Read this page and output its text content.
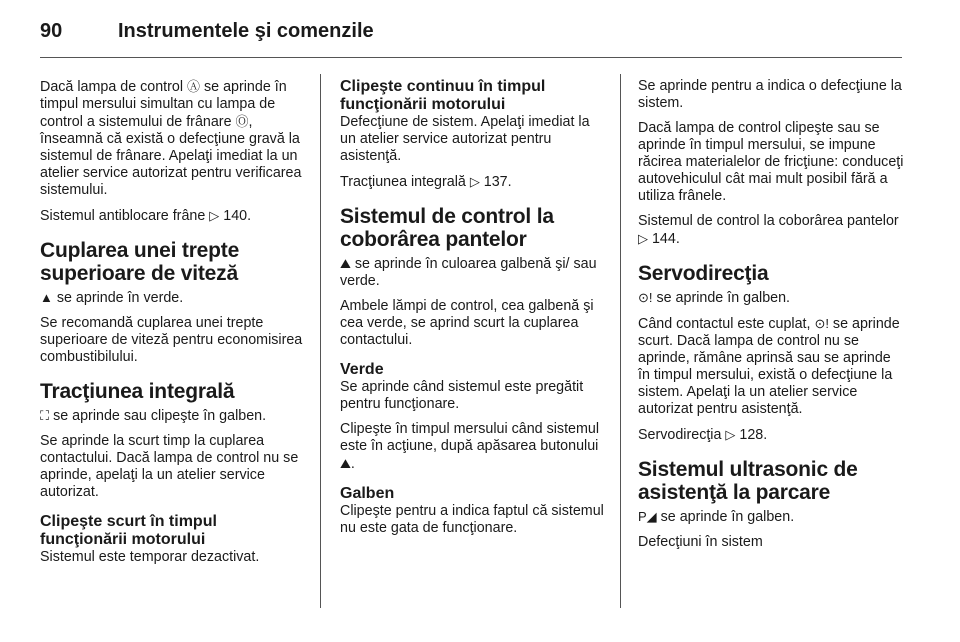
90	Instrumentele şi comenzile

Dacă lampa de control Ⓐ se aprinde în timpul mersului simultan cu lampa de control a sistemului de frânare Ⓞ, înseamnă că există o defecţiune gravă la sistemul de frânare. Apelaţi imediat la un atelier service autorizat pentru verificarea sistemului.

Sistemul antiblocare frâne ▷ 140.

Cuplarea unei trepte superioare de viteză

▲ se aprinde în verde.

Se recomandă cuplarea unei trepte superioare de viteză pentru economisirea combustibilului.

Tracţiunea integrală

⛶ se aprinde sau clipeşte în galben.

Se aprinde la scurt timp la cuplarea contactului. Dacă lampa de control nu se aprinde, apelaţi la un atelier service autorizat.

Clipeşte scurt în timpul funcţionării motorului

Sistemul este temporar dezactivat.

Clipeşte continuu în timpul funcţionării motorului

Defecţiune de sistem. Apelaţi imediat la un atelier service autorizat pentru asistenţă.

Tracţiunea integrală ▷ 137.

Sistemul de control la coborârea pantelor

⛰ se aprinde în culoarea galbenă şi/ sau verde.

Ambele lămpi de control, cea galbenă şi cea verde, se aprind scurt la cuplarea contactului.

Verde

Se aprinde când sistemul este pregătit pentru funcţionare.

Clipeşte în timpul mersului când sistemul este în acţiune, după apăsarea butonului ⛰.

Galben

Clipeşte pentru a indica faptul că sistemul nu este gata de funcţionare.

Se aprinde pentru a indica o defecţiune la sistem.

Dacă lampa de control clipeşte sau se aprinde în timpul mersului, se impune răcirea materialelor de fricţiune: conduceţi autovehiculul cât mai mult posibil fără a utiliza frânele.

Sistemul de control la coborârea pantelor ▷ 144.

Servodirecţia

⊙! se aprinde în galben.

Când contactul este cuplat, ⊙! se aprinde scurt. Dacă lampa de control nu se aprinde, rămâne aprinsă sau se aprinde în timpul mersului, există o defecţiune la sistem. Apelaţi la un atelier service autorizat pentru asistenţă.

Servodirecţia ▷ 128.

Sistemul ultrasonic de asistenţă la parcare

P◢ se aprinde în galben.

Defecţiuni în sistem
